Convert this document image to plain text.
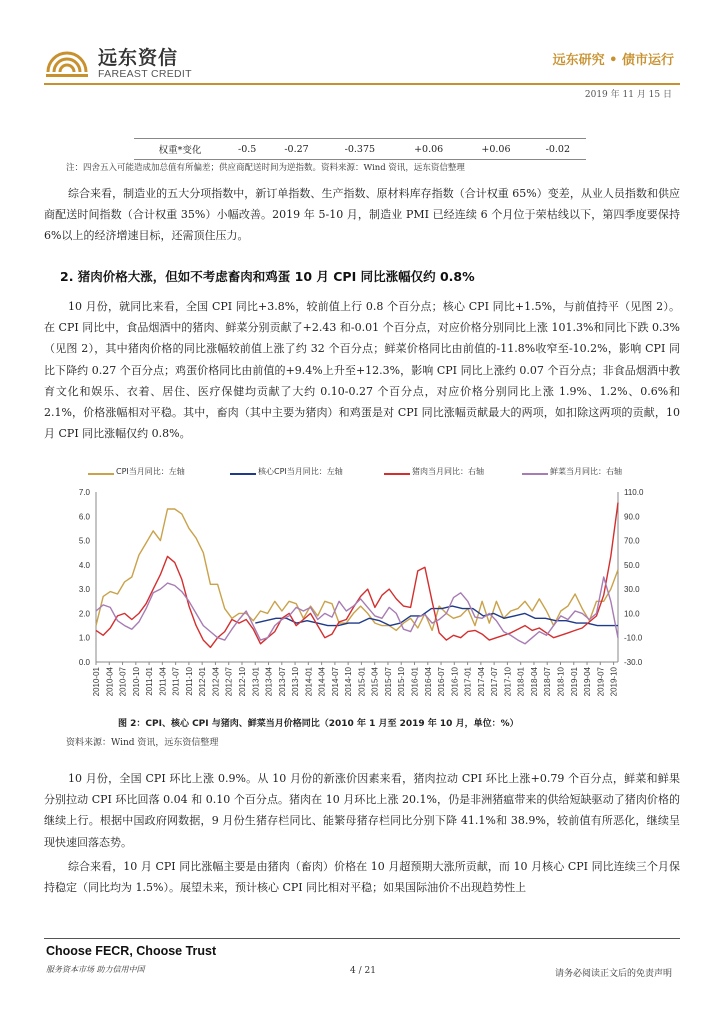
远东资信
FAREAST CREDIT
远东研究 • 债市运行
2019 年 11 月 15 日
权重*变化	-0.5	-0.27	-0.375	+0.06	+0.06	-0.02
注：四舍五入可能造成加总值有所偏差；供应商配送时间为逆指数。资料来源：Wind 资讯，远东资信整理

综合来看，制造业的五大分项指数中，新订单指数、生产指数、原材料库存指数（合计权重 65%）变差，从业人员指数和供应商配送时间指数（合计权重 35%）小幅改善。2019 年 5-10 月，制造业 PMI 已经连续 6 个月位于荣枯线以下，第四季度要保持 6%以上的经济增速目标，还需顶住压力。

2. 猪肉价格大涨，但如不考虑畜肉和鸡蛋 10 月 CPI 同比涨幅仅约 0.8%

10 月份，就同比来看，全国 CPI 同比+3.8%，较前值上行 0.8 个百分点；核心 CPI 同比+1.5%，与前值持平（见图 2）。在 CPI 同比中，食品烟酒中的猪肉、鲜菜分别贡献了+2.43 和-0.01 个百分点，对应价格分别同比上涨 101.3%和同比下跌 0.3%（见图 2），其中猪肉价格的同比涨幅较前值上涨了约 32 个百分点；鲜菜价格同比由前值的-11.8%收窄至-10.2%，影响 CPI 同比下降约 0.27 个百分点；鸡蛋价格同比由前值的+9.4%上升至+12.3%，影响 CPI 同比上涨约 0.07 个百分点；非食品烟酒中教育文化和娱乐、衣着、居住、医疗保健均贡献了大约 0.10-0.27 个百分点，对应价格分别同比上涨 1.9%、1.2%、0.6%和 2.1%，价格涨幅相对平稳。其中，畜肉（其中主要为猪肉）和鸡蛋是对 CPI 同比涨幅贡献最大的两项，如扣除这两项的贡献，10 月 CPI 同比涨幅仅约 0.8%。

CPI当月同比：左轴	核心CPI当月同比：左轴	猪肉当月同比：右轴	鲜菜当月同比：右轴
0.0
1.0
2.0
3.0
4.0
5.0
6.0
7.0
-30.0
-10.0
10.0
30.0
50.0
70.0
90.0
110.0
2010-01 2010-04 2010-07 2010-10 2011-01 2011-04 2011-07 2011-10 2012-01 2012-04 2012-07 2012-10 2013-01 2013-04 2013-07 2013-10 2014-01 2014-04 2014-07 2014-10 2015-01 2015-04 2015-07 2015-10 2016-01 2016-04 2016-07 2016-10 2017-01 2017-04 2017-07 2017-10 2018-01 2018-04 2018-07 2018-10 2019-01 2019-04 2019-07 2019-10
图 2：CPI、核心 CPI 与猪肉、鲜菜当月价格同比（2010 年 1 月至 2019 年 10 月，单位：%）
资料来源：Wind 资讯，远东资信整理

10 月份，全国 CPI 环比上涨 0.9%。从 10 月份的新涨价因素来看，猪肉拉动 CPI 环比上涨+0.79 个百分点，鲜菜和鲜果分别拉动 CPI 环比回落 0.04 和 0.10 个百分点。猪肉在 10 月环比上涨 20.1%，仍是非洲猪瘟带来的供给短缺驱动了猪肉价格的继续上行。根据中国政府网数据，9 月份生猪存栏同比、能繁母猪存栏同比分别下降 41.1%和 38.9%，较前值有所恶化，继续呈现快速回落态势。

综合来看，10 月 CPI 同比涨幅主要是由猪肉（畜肉）价格在 10 月超预期大涨所贡献，而 10 月核心 CPI 同比连续三个月保持稳定（同比均为 1.5%）。展望未来，预计核心 CPI 同比相对平稳；如果国际油价不出现趋势性上

Choose FECR, Choose Trust
服务资本市场 助力信用中国	4 / 21	请务必阅读正文后的免责声明
